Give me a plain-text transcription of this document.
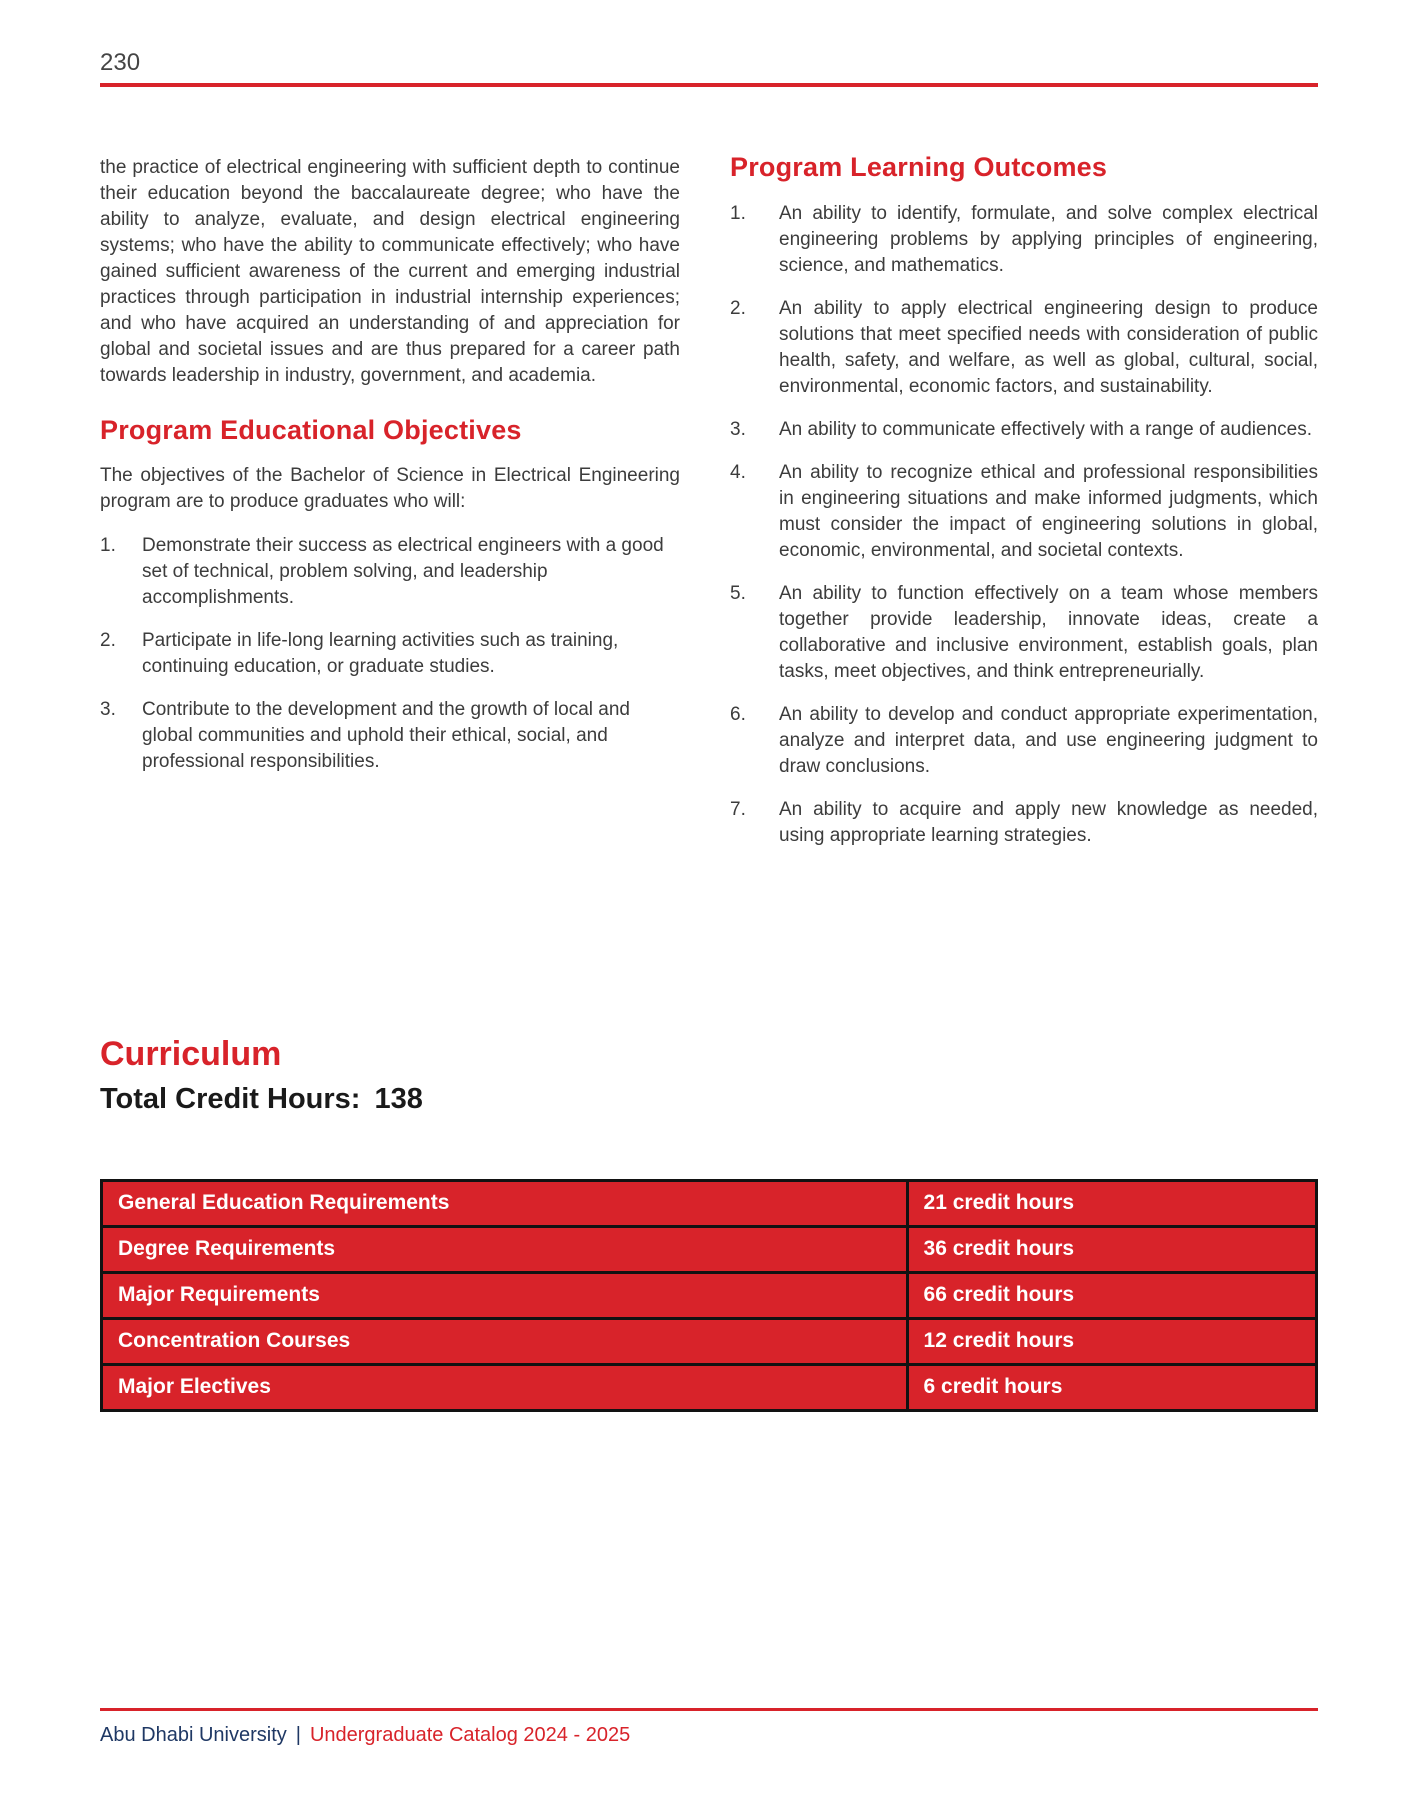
230

the practice of electrical engineering with sufficient depth to continue their education beyond the baccalaureate degree; who have the ability to analyze, evaluate, and design electrical engineering systems; who have the ability to communicate effectively; who have gained sufficient awareness of the current and emerging industrial practices through participation in industrial internship experiences; and who have acquired an understanding of and appreciation for global and societal issues and are thus prepared for a career path towards leadership in industry, government, and academia.

Program Educational Objectives

The objectives of the Bachelor of Science in Electrical Engineering program are to produce graduates who will:

1.	Demonstrate their success as electrical engineers with a good set of technical, problem solving, and leadership accomplishments.
2.	Participate in life-long learning activities such as training, continuing education, or graduate studies.
3.	Contribute to the development and the growth of local and global communities and uphold their ethical, social, and professional responsibilities.
Program Learning Outcomes
1.	An ability to identify, formulate, and solve complex electrical engineering problems by applying principles of engineering, science, and mathematics.
2.	An ability to apply electrical engineering design to produce solutions that meet specified needs with consideration of public health, safety, and welfare, as well as global, cultural, social, environmental, economic factors, and sustainability.
3.	An ability to communicate effectively with a range of audiences.
4.	An ability to recognize ethical and professional responsibilities in engineering situations and make informed judgments, which must consider the impact of engineering solutions in global, economic, environmental, and societal contexts.
5.	An ability to function effectively on a team whose members together provide leadership, innovate ideas, create a collaborative and inclusive environment, establish goals, plan tasks, meet objectives, and think entrepreneurially.
6.	An ability to develop and conduct appropriate experimentation, analyze and interpret data, and use engineering judgment to draw conclusions.
7.	An ability to acquire and apply new knowledge as needed, using appropriate learning strategies.
Curriculum
Total Credit Hours: 138
General Education Requirements	21 credit hours
Degree Requirements	36 credit hours
Major Requirements	66 credit hours
Concentration Courses	12 credit hours
Major Electives	6 credit hours

Abu Dhabi University | Undergraduate Catalog 2024 - 2025
